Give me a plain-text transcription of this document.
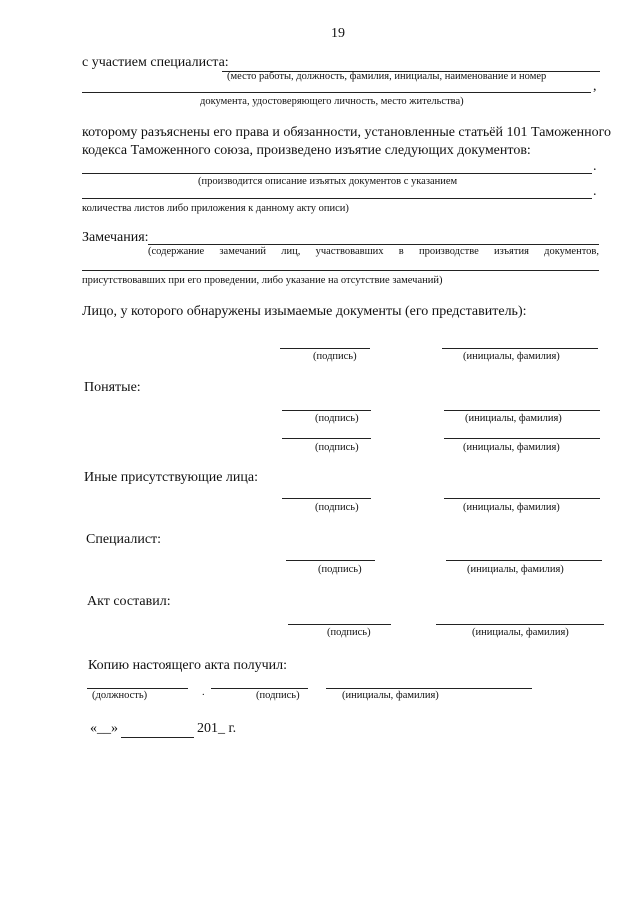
19
с участием специалиста:
(место работы, должность, фамилия, инициалы, наименование и номер
,
документа, удостоверяющего личность, место жительства)
которому разъяснены его права и обязанности, установленные статьёй 101 Таможенного
кодекса Таможенного союза, произведено изъятие следующих документов:
.
(производится описание изъятых документов с указанием
.
количества листов либо приложения к данному акту описи)
Замечания:
(содержание замечаний лиц, участвовавших в производстве изъятия документов,
присутствовавших при его проведении, либо указание на отсутствие замечаний)
Лицо, у которого обнаружены изымаемые документы (его представитель):
(подпись)	(инициалы, фамилия)
Понятые:
(подпись)	(инициалы, фамилия)
(подпись)	(инициалы, фамилия)
Иные присутствующие лица:
(подпись)	(инициалы, фамилия)
Специалист:
(подпись)	(инициалы, фамилия)
Акт составил:
(подпись)	(инициалы, фамилия)
Копию настоящего акта получил:
(должность)	.	(подпись)	(инициалы, фамилия)
«__»	201_ г.
